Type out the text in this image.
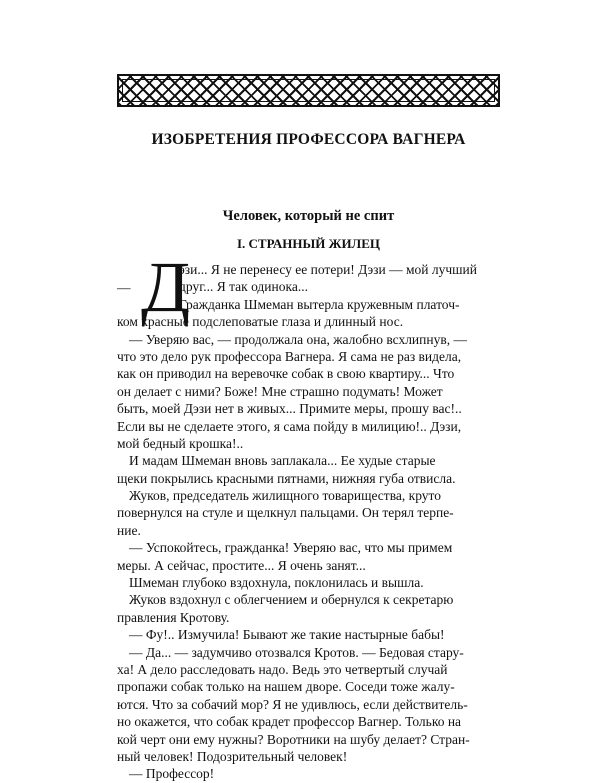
ИЗОБРЕТЕНИЯ ПРОФЕССОРА ВАГНЕРА
Человек, который не спит
I. СТРАННЫЙ ЖИЛЕЦ
Д
—
эзи... Я не перенесу ее потери! Дэзи — мой лучший
друг... Я так одинока...
Гражданка Шмеман вытерла кружевным платоч-
ком красные подслеповатые глаза и длинный нос.
— Уверяю вас, — продолжала она, жалобно всхлипнув, —
что это дело рук профессора Вагнера. Я сама не раз видела,
как он приводил на веревочке собак в свою квартиру... Что
он делает с ними? Боже! Мне страшно подумать! Может
быть, моей Дэзи нет в живых... Примите меры, прошу вас!..
Если вы не сделаете этого, я сама пойду в милицию!.. Дэзи,
мой бедный крошка!..
И мадам Шмеман вновь заплакала... Ее худые старые
щеки покрылись красными пятнами, нижняя губа отвисла.
Жуков, председатель жилищного товарищества, круто
повернулся на стуле и щелкнул пальцами. Он терял терпе-
ние.
— Успокойтесь, гражданка! Уверяю вас, что мы примем
меры. А сейчас, простите... Я очень занят...
Шмеман глубоко вздохнула, поклонилась и вышла.
Жуков вздохнул с облегчением и обернулся к секретарю
правления Кротову.
— Фу!.. Измучила! Бывают же такие настырные бабы!
— Да... — задумчиво отозвался Кротов. — Бедовая стару-
ха! А дело расследовать надо. Ведь это четвертый случай
пропажи собак только на нашем дворе. Соседи тоже жалу-
ются. Что за собачий мор? Я не удивлюсь, если действитель-
но окажется, что собак крадет профессор Вагнер. Только на
кой черт они ему нужны? Воротники на шубу делает? Стран-
ный человек! Подозрительный человек!
— Профессор!
